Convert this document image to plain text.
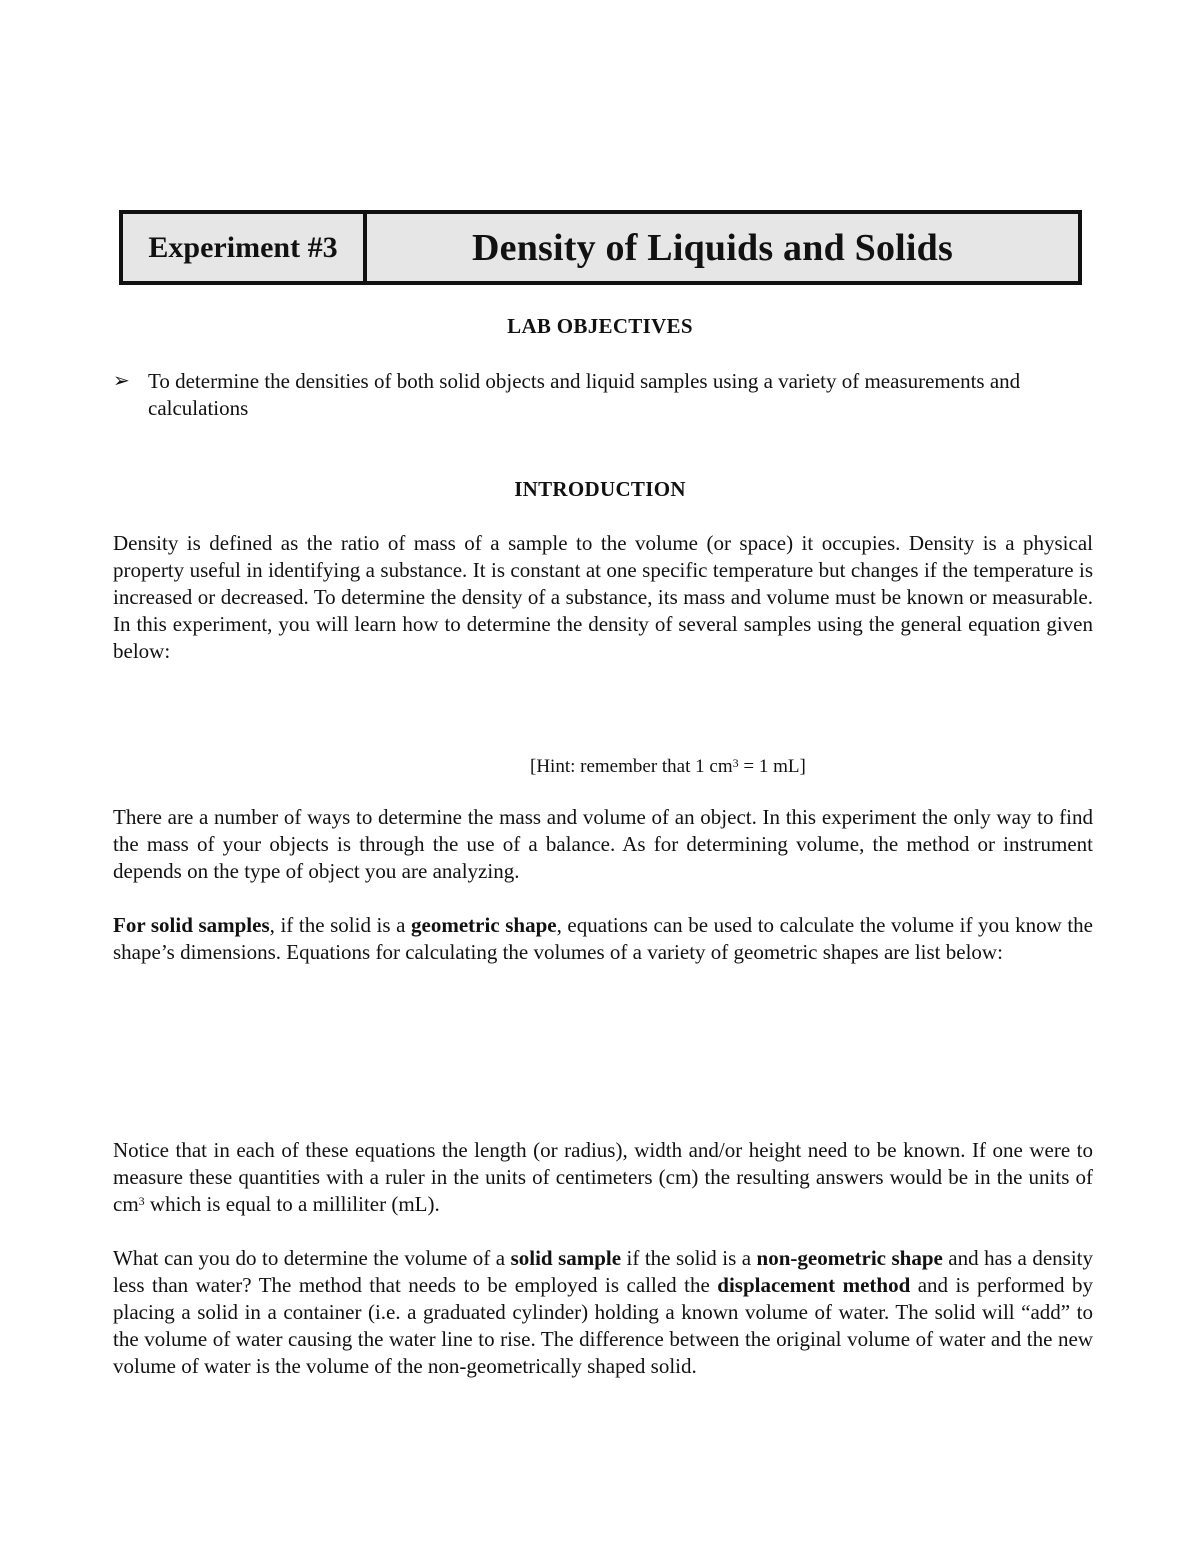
Experiment #3	Density of Liquids and Solids
LAB OBJECTIVES
➢ To determine the densities of both solid objects and liquid samples using a variety of measurements and calculations
INTRODUCTION

Density is defined as the ratio of mass of a sample to the volume (or space) it occupies. Density is a physical property useful in identifying a substance. It is constant at one specific temperature but changes if the temperature is increased or decreased. To determine the density of a substance, its mass and volume must be known or measurable. In this experiment, you will learn how to determine the density of several samples using the general equation given below:

[Hint: remember that 1 $cm^3 = 1$ mL]

There are a number of ways to determine the mass and volume of an object. In this experiment the only way to find the mass of your objects is through the use of a balance. As for determining volume, the method or instrument depends on the type of object you are analyzing.

For solid samples, if the solid is a geometric shape, equations can be used to calculate the volume if you know the shape’s dimensions. Equations for calculating the volumes of a variety of geometric shapes are list below:

Notice that in each of these equations the length (or radius), width and/or height need to be known. If one were to measure these quantities with a ruler in the units of centimeters (cm) the resulting answers would be in the units of $cm^3$ which is equal to a milliliter (mL).

What can you do to determine the volume of a solid sample if the solid is a non-geometric shape and has a density less than water? The method that needs to be employed is called the displacement method and is performed by placing a solid in a container (i.e. a graduated cylinder) holding a known volume of water. The solid will “add” to the volume of water causing the water line to rise. The difference between the original volume of water and the new volume of water is the volume of the non-geometrically shaped solid.
